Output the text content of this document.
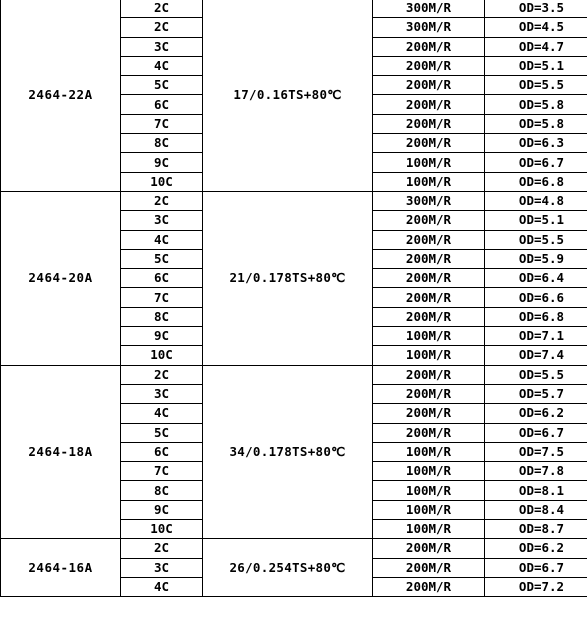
2464-22A	2C	17/0.16TS+80℃	300M/R	OD=3.5
	2C		300M/R	OD=4.5
	3C		200M/R	OD=4.7
	4C		200M/R	OD=5.1
	5C		200M/R	OD=5.5
	6C		200M/R	OD=5.8
	7C		200M/R	OD=5.8
	8C		200M/R	OD=6.3
	9C		100M/R	OD=6.7
	10C		100M/R	OD=6.8
2464-20A	2C	21/0.178TS+80℃	300M/R	OD=4.8
	3C		200M/R	OD=5.1
	4C		200M/R	OD=5.5
	5C		200M/R	OD=5.9
	6C		200M/R	OD=6.4
	7C		200M/R	OD=6.6
	8C		200M/R	OD=6.8
	9C		100M/R	OD=7.1
	10C		100M/R	OD=7.4
2464-18A	2C	34/0.178TS+80℃	200M/R	OD=5.5
	3C		200M/R	OD=5.7
	4C		200M/R	OD=6.2
	5C		200M/R	OD=6.7
	6C		100M/R	OD=7.5
	7C		100M/R	OD=7.8
	8C		100M/R	OD=8.1
	9C		100M/R	OD=8.4
	10C		100M/R	OD=8.7
2464-16A	2C	26/0.254TS+80℃	200M/R	OD=6.2
	3C		200M/R	OD=6.7
	4C		200M/R	OD=7.2
